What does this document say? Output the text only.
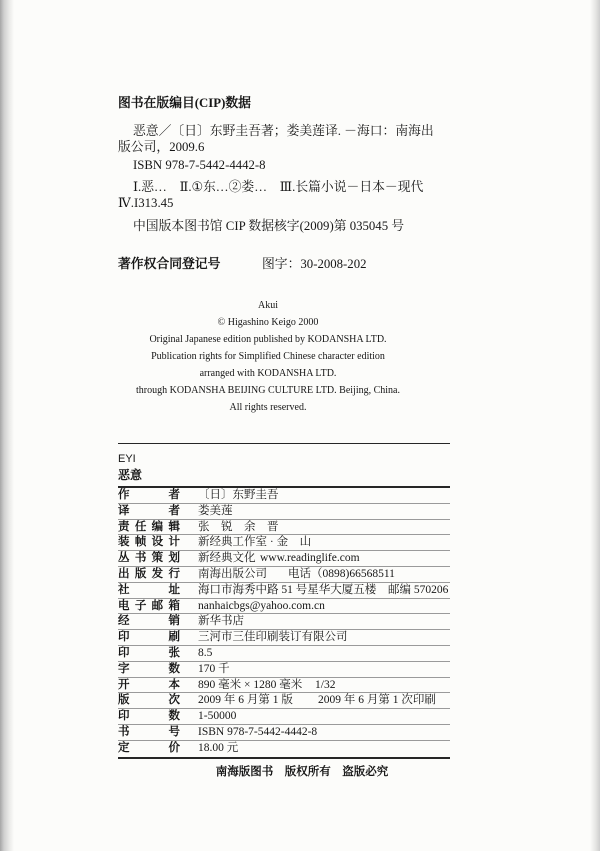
图书在版编目(CIP)数据
恶意／〔日〕东野圭吾著；娄美莲译. －海口：南海出
版公司，2009.6
ISBN 978-7-5442-4442-8
Ⅰ.恶…　Ⅱ.①东…②娄…　Ⅲ.长篇小说－日本－现代
Ⅳ.I313.45
中国版本图书馆 CIP 数据核字(2009)第 035045 号
著作权合同登记号	图字：30-2008-202
Akui
© Higashino Keigo 2000
Original Japanese edition published by KODANSHA LTD.
Publication rights for Simplified Chinese character edition
arranged with KODANSHA LTD.
through KODANSHA BEIJING CULTURE LTD. Beijing, China.
All rights reserved.
EYI
恶意
作　　者 〔日〕东野圭吾
译　　者 娄美莲
责任编辑 张　锐　余　晋
装帧设计 新经典工作室 · 金　山
丛书策划 新经典文化 www.readinglife.com
出版发行 南海出版公司 电话（0898)66568511
社　　址 海口市海秀中路 51 号星华大厦五楼 邮编 570206
电子邮箱 nanhaicbgs@yahoo.com.cn
经　　销 新华书店
印　　刷 三河市三佳印刷装订有限公司
印　　张 8.5
字　　数 170 千
开　　本 890 毫米 × 1280 毫米 1/32
版　　次 2009 年 6 月第 1 版 2009 年 6 月第 1 次印刷
印　　数 1-50000
书　　号 ISBN 978-7-5442-4442-8
定　　价 18.00 元
南海版图书　版权所有　盗版必究
